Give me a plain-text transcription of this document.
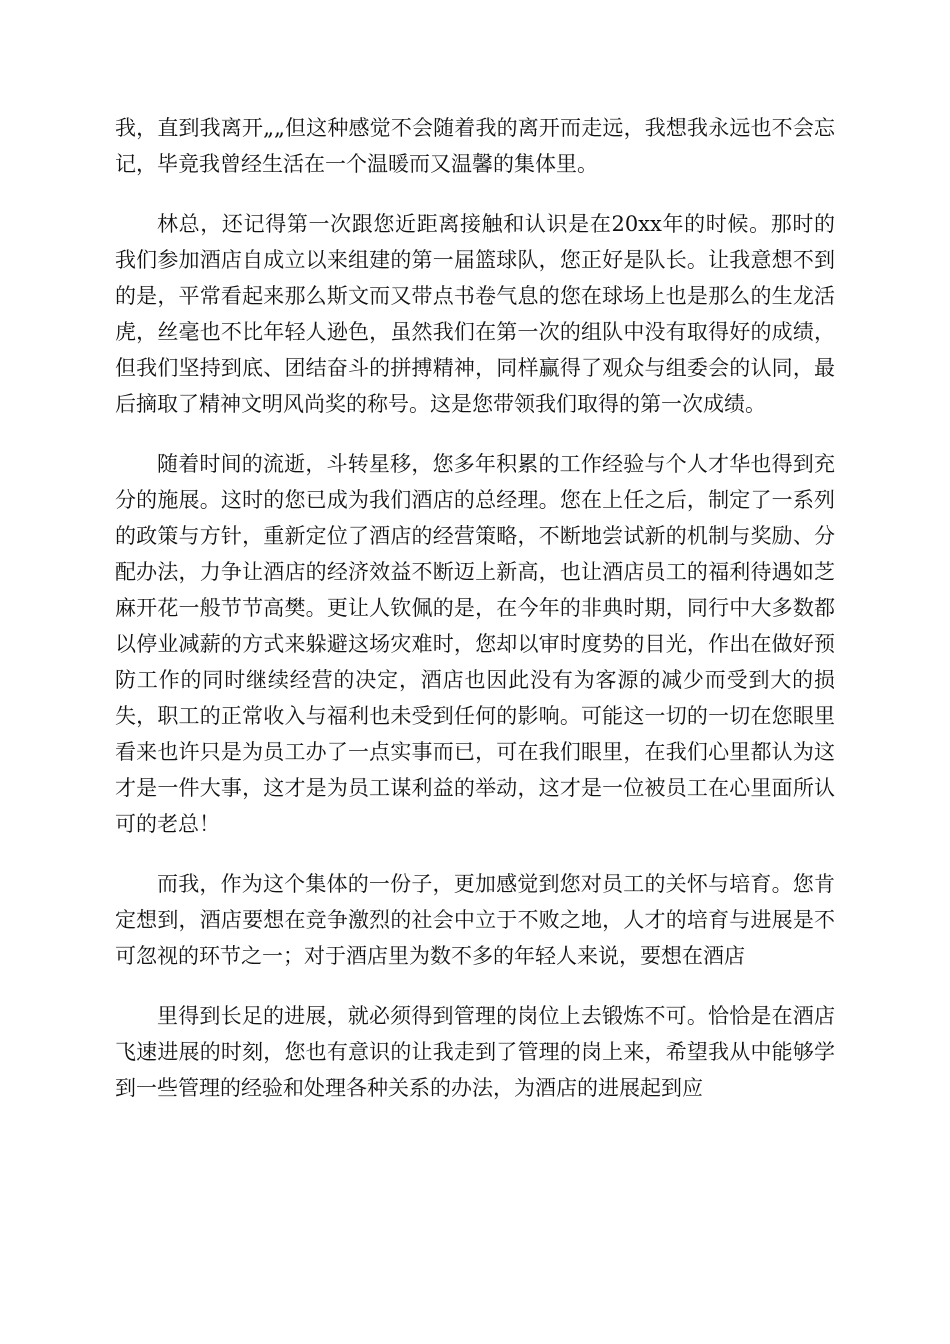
我，直到我离开„„但这种感觉不会随着我的离开而走远，我想我永远也不会忘记，毕竟我曾经生活在一个温暖而又温馨的集体里。

林总，还记得第一次跟您近距离接触和认识是在20xx年的时候。那时的我们参加酒店自成立以来组建的第一届篮球队，您正好是队长。让我意想不到的是，平常看起来那么斯文而又带点书卷气息的您在球场上也是那么的生龙活虎，丝毫也不比年轻人逊色，虽然我们在第一次的组队中没有取得好的成绩，但我们坚持到底、团结奋斗的拼搏精神，同样赢得了观众与组委会的认同，最后摘取了精神文明风尚奖的称号。这是您带领我们取得的第一次成绩。

随着时间的流逝，斗转星移，您多年积累的工作经验与个人才华也得到充分的施展。这时的您已成为我们酒店的总经理。您在上任之后，制定了一系列的政策与方针，重新定位了酒店的经营策略，不断地尝试新的机制与奖励、分配办法，力争让酒店的经济效益不断迈上新高，也让酒店员工的福利待遇如芝麻开花一般节节高樊。更让人钦佩的是，在今年的非典时期，同行中大多数都以停业减薪的方式来躲避这场灾难时，您却以审时度势的目光，作出在做好预防工作的同时继续经营的决定，酒店也因此没有为客源的减少而受到大的损失，职工的正常收入与福利也未受到任何的影响。可能这一切的一切在您眼里看来也许只是为员工办了一点实事而已，可在我们眼里，在我们心里都认为这才是一件大事，这才是为员工谋利益的举动，这才是一位被员工在心里面所认可的老总！

而我，作为这个集体的一份子，更加感觉到您对员工的关怀与培育。您肯定想到，酒店要想在竞争激烈的社会中立于不败之地，人才的培育与进展是不可忽视的环节之一；对于酒店里为数不多的年轻人来说，要想在酒店

里得到长足的进展，就必须得到管理的岗位上去锻炼不可。恰恰是在酒店飞速进展的时刻，您也有意识的让我走到了管理的岗上来，希望我从中能够学到一些管理的经验和处理各种关系的办法，为酒店的进展起到应
